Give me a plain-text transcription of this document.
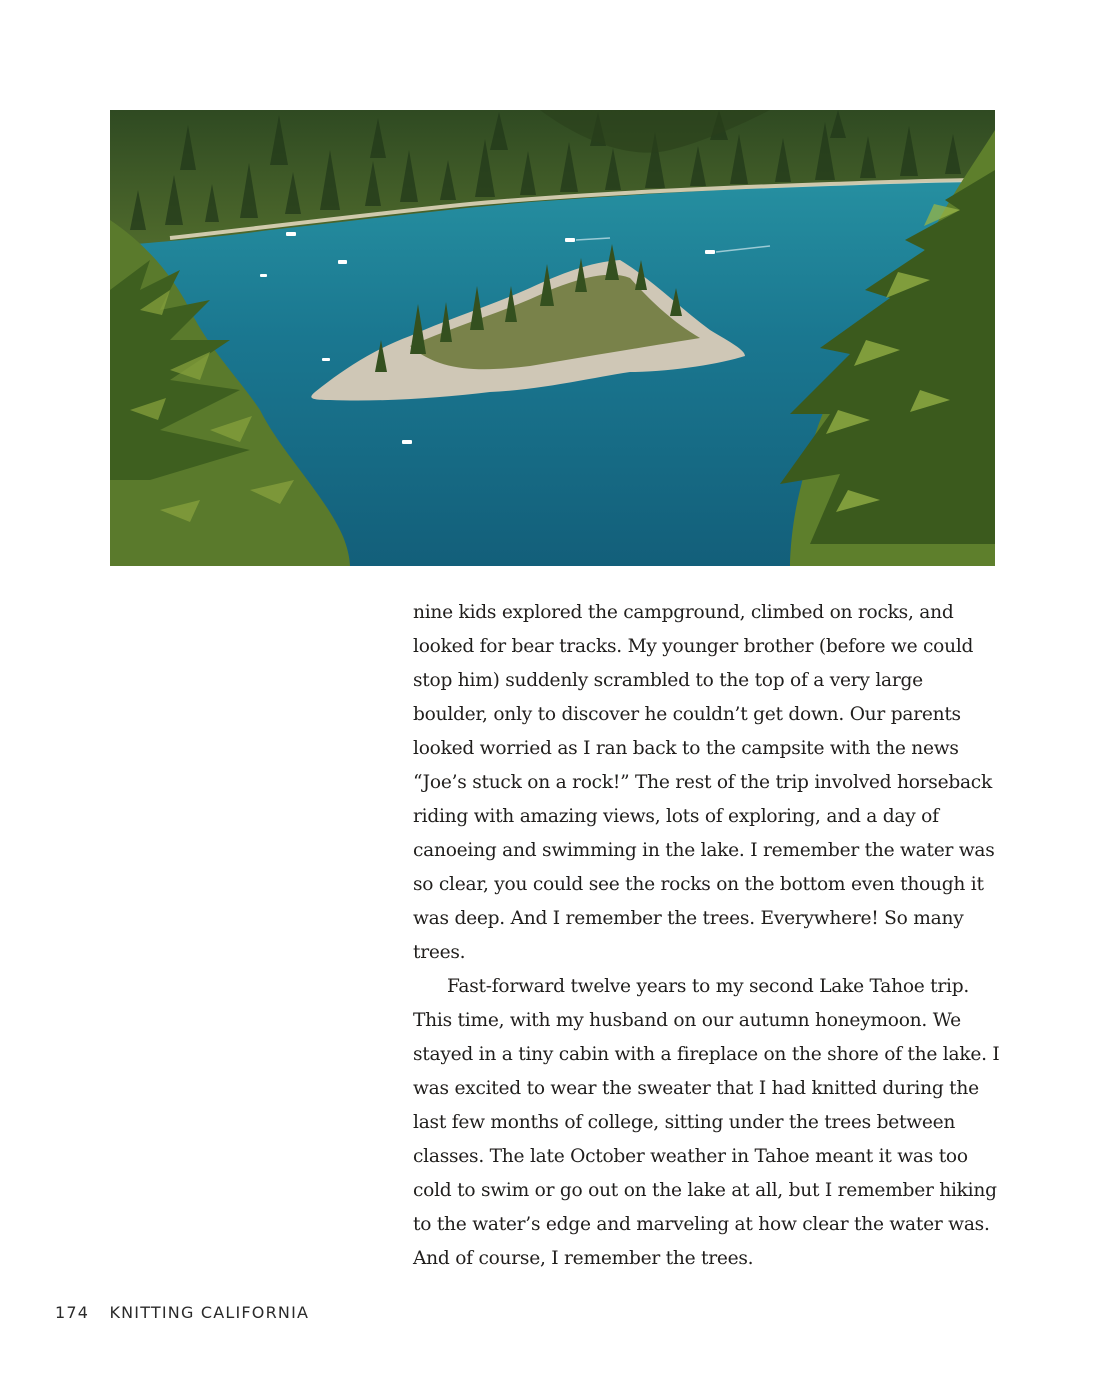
nine kids explored the campground, climbed on rocks, and looked for bear tracks. My younger brother (before we could stop him) suddenly scrambled to the top of a very large boulder, only to discover he couldn’t get down. Our parents looked worried as I ran back to the campsite with the news “Joe’s stuck on a rock!” The rest of the trip involved horseback riding with amazing views, lots of exploring, and a day of canoeing and swimming in the lake. I remember the water was so clear, you could see the rocks on the bottom even though it was deep. And I remember the trees. Everywhere! So many trees.

Fast-forward twelve years to my second Lake Tahoe trip. This time, with my husband on our autumn honeymoon. We stayed in a tiny cabin with a fireplace on the shore of the lake. I was excited to wear the sweater that I had knitted during the last few months of college, sitting under the trees between classes. The late October weather in Tahoe meant it was too cold to swim or go out on the lake at all, but I remember hiking to the water’s edge and marveling at how clear the water was. And of course, I remember the trees.

174 KNITTING CALIFORNIA
